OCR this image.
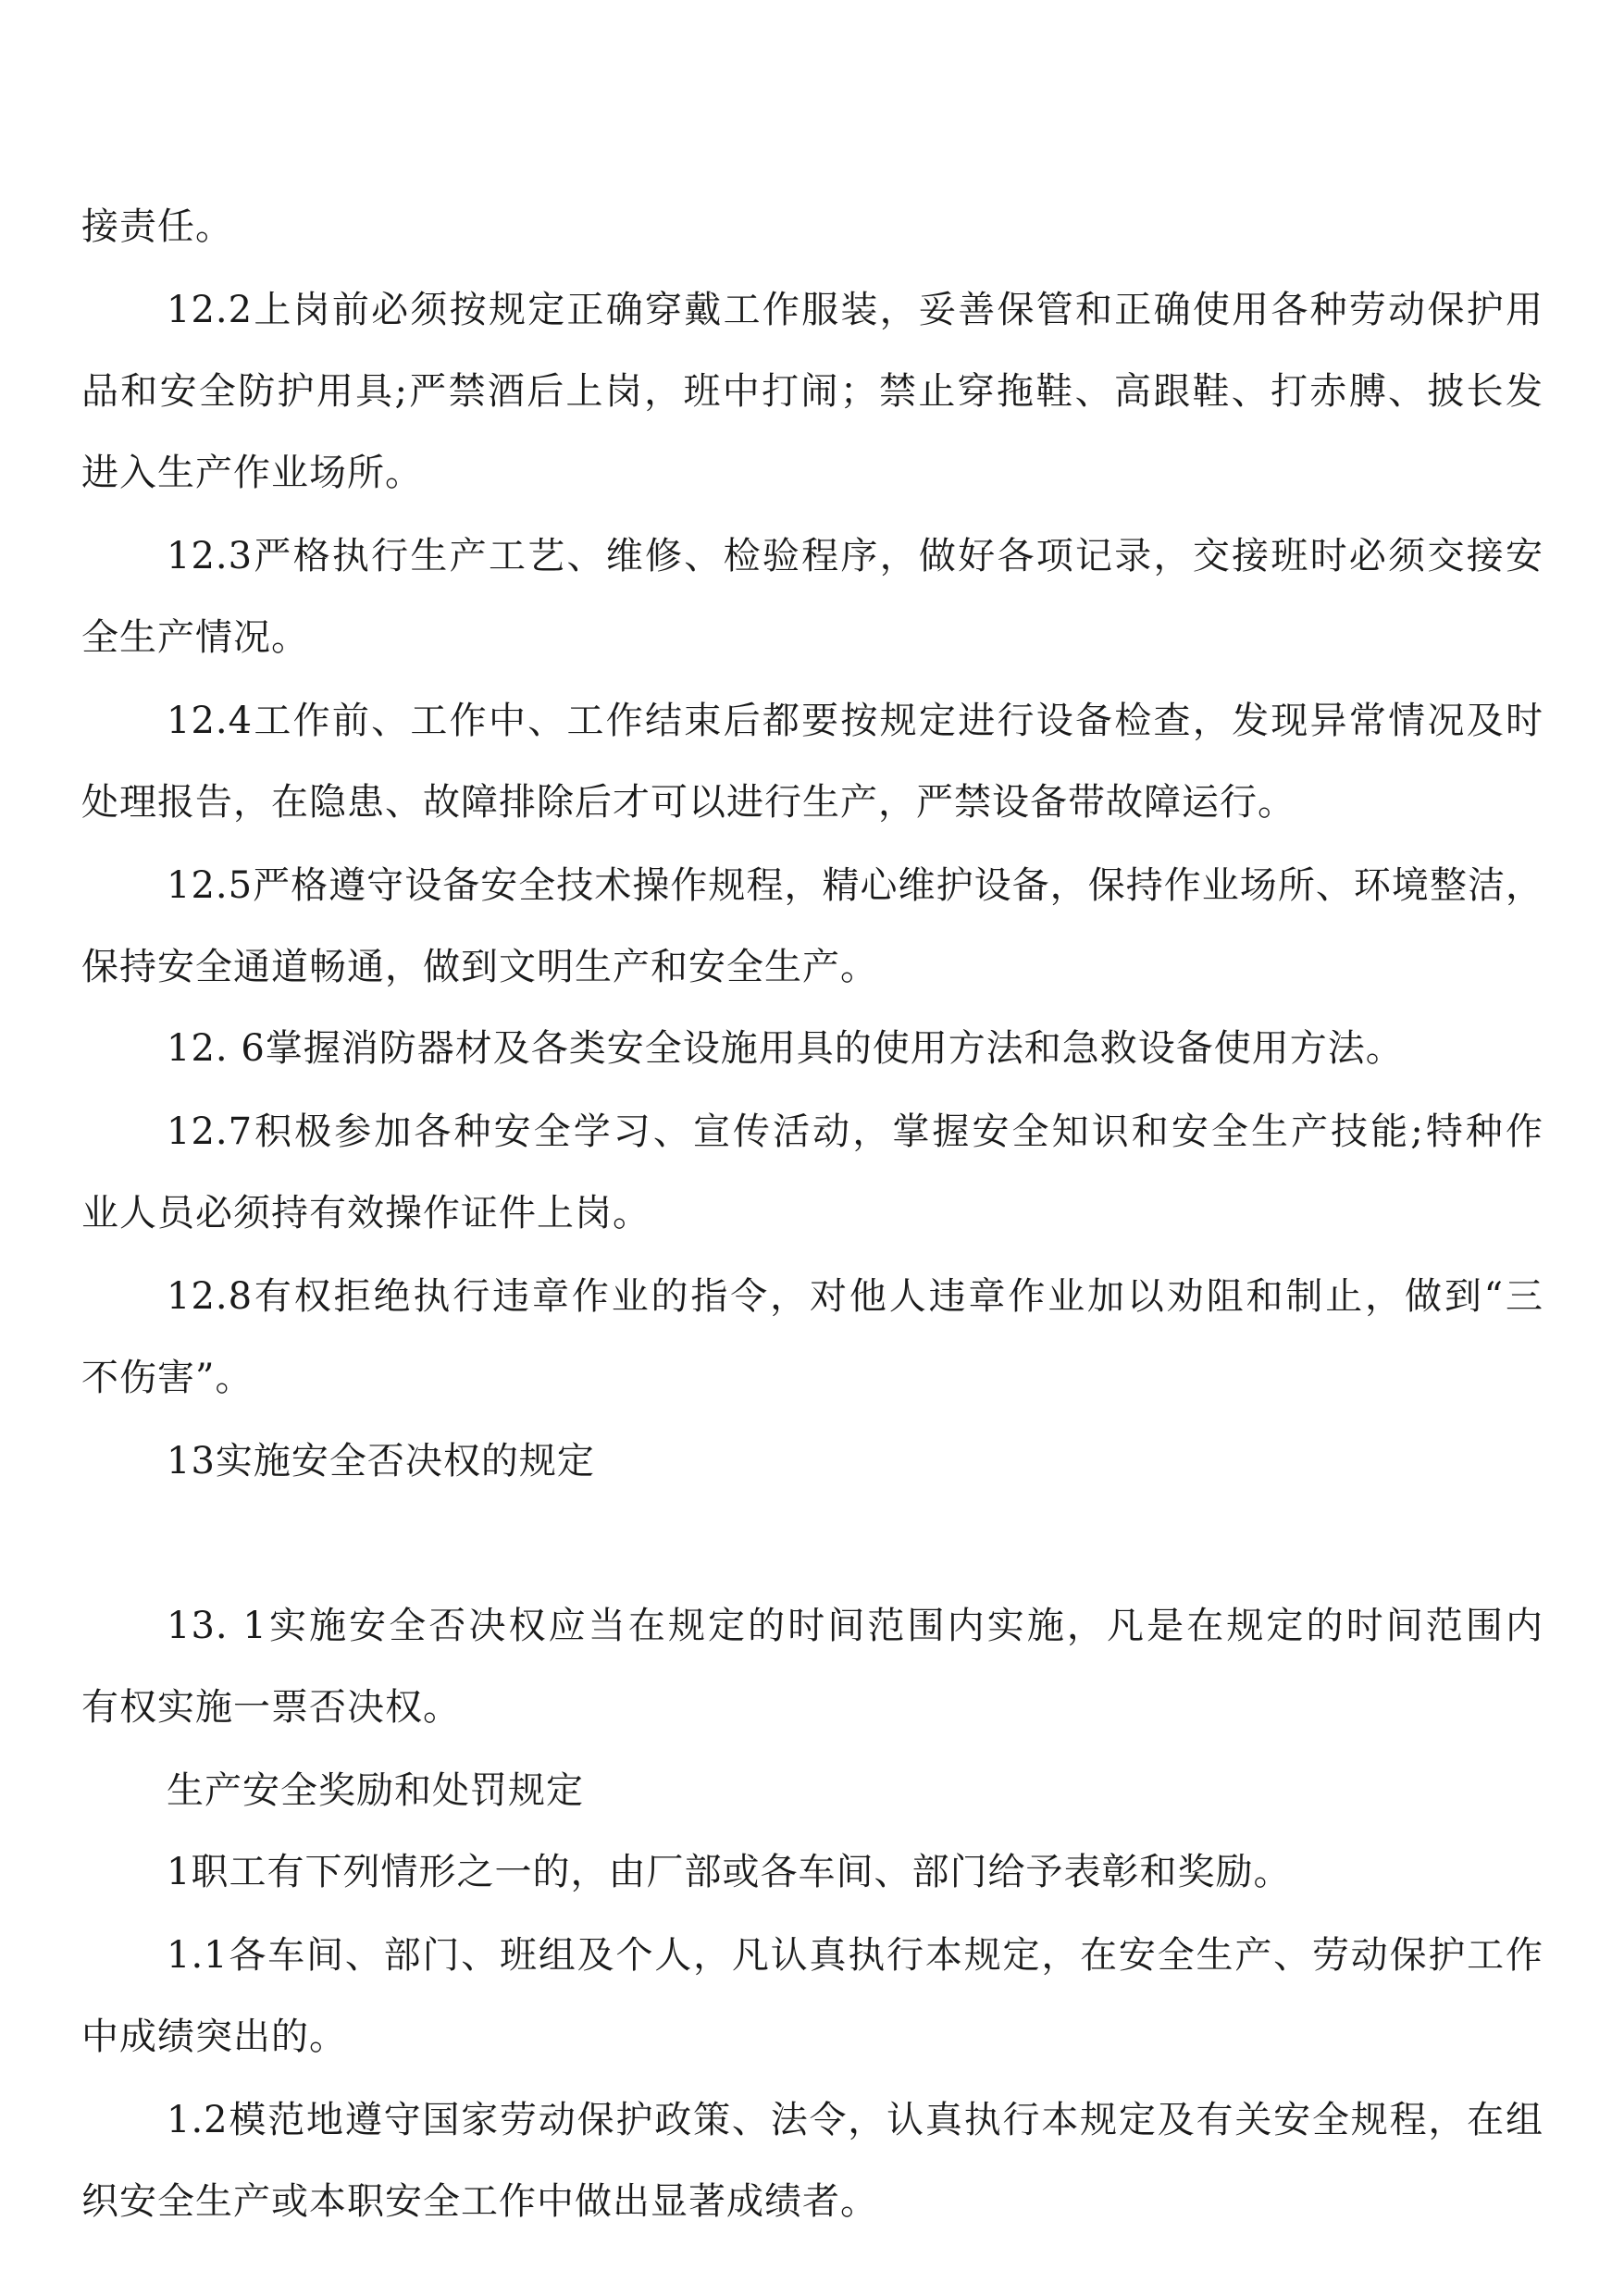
接责任。
12.2上岗前必须按规定正确穿戴工作服装，妥善保管和正确使用各种劳动保护用
品和安全防护用具;严禁酒后上岗，班中打闹；禁止穿拖鞋、高跟鞋、打赤膊、披长发
进入生产作业场所。
12.3严格执行生产工艺、维修、检验程序，做好各项记录，交接班时必须交接安
全生产情况。
12.4工作前、工作中、工作结束后都要按规定进行设备检查，发现异常情况及时
处理报告，在隐患、故障排除后才可以进行生产，严禁设备带故障运行。
12.5严格遵守设备安全技术操作规程，精心维护设备，保持作业场所、环境整洁，
保持安全通道畅通，做到文明生产和安全生产。
12. 6掌握消防器材及各类安全设施用具的使用方法和急救设备使用方法。
12.7积极参加各种安全学习、宣传活动，掌握安全知识和安全生产技能;特种作
业人员必须持有效操作证件上岗。
12.8有权拒绝执行违章作业的指令，对他人违章作业加以劝阻和制止，做到“三
不伤害”。
13实施安全否决权的规定
13. 1实施安全否决权应当在规定的时间范围内实施，凡是在规定的时间范围内
有权实施一票否决权。
生产安全奖励和处罚规定
1职工有下列情形之一的，由厂部或各车间、部门给予表彰和奖励。
1.1各车间、部门、班组及个人，凡认真执行本规定，在安全生产、劳动保护工作
中成绩突出的。
1.2模范地遵守国家劳动保护政策、法令，认真执行本规定及有关安全规程，在组
织安全生产或本职安全工作中做出显著成绩者。
